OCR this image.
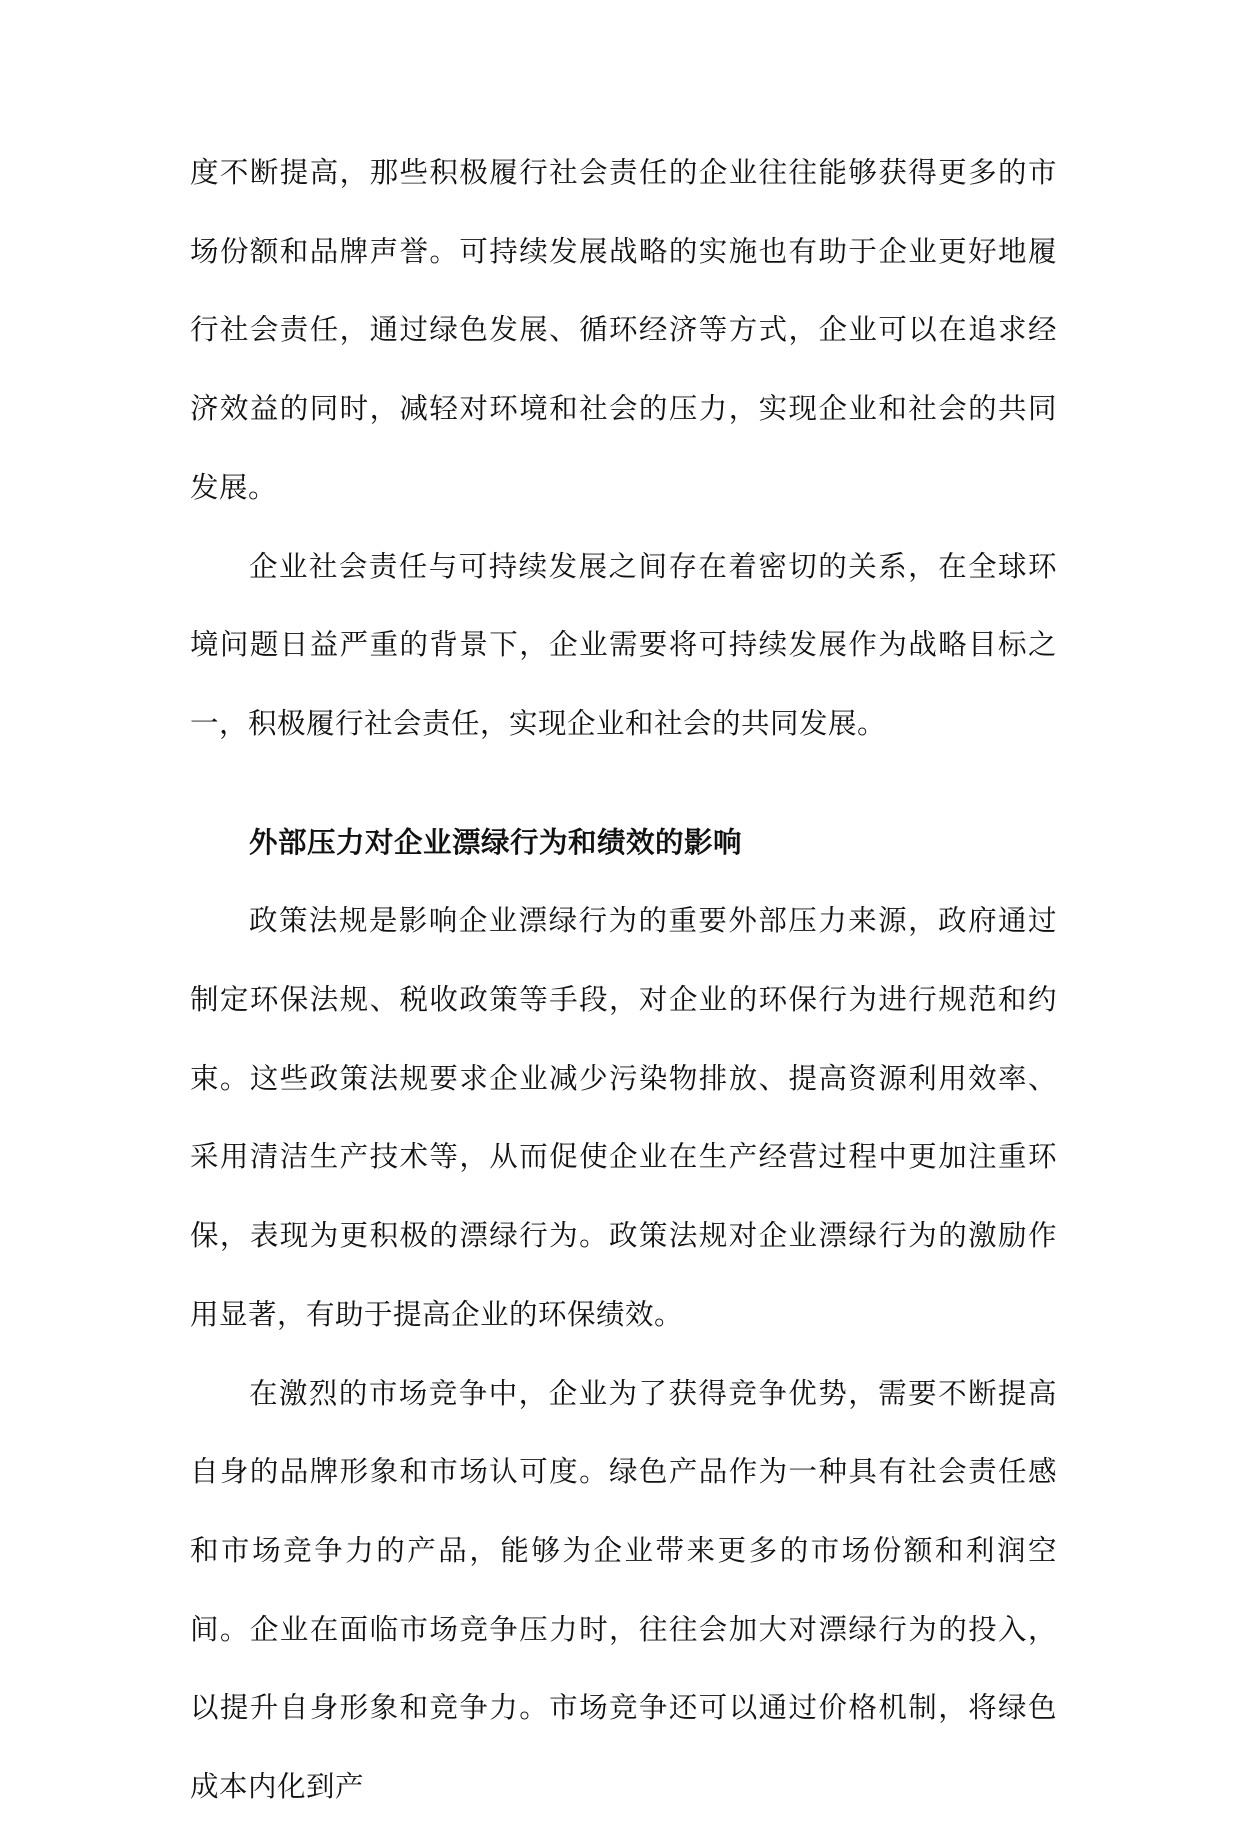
度不断提高，那些积极履行社会责任的企业往往能够获得更多的市场份额和品牌声誉。可持续发展战略的实施也有助于企业更好地履行社会责任，通过绿色发展、循环经济等方式，企业可以在追求经济效益的同时，减轻对环境和社会的压力，实现企业和社会的共同发展。

企业社会责任与可持续发展之间存在着密切的关系，在全球环境问题日益严重的背景下，企业需要将可持续发展作为战略目标之一，积极履行社会责任，实现企业和社会的共同发展。

外部压力对企业漂绿行为和绩效的影响

政策法规是影响企业漂绿行为的重要外部压力来源，政府通过制定环保法规、税收政策等手段，对企业的环保行为进行规范和约束。这些政策法规要求企业减少污染物排放、提高资源利用效率、采用清洁生产技术等，从而促使企业在生产经营过程中更加注重环保，表现为更积极的漂绿行为。政策法规对企业漂绿行为的激励作用显著，有助于提高企业的环保绩效。

在激烈的市场竞争中，企业为了获得竞争优势，需要不断提高自身的品牌形象和市场认可度。绿色产品作为一种具有社会责任感和市场竞争力的产品，能够为企业带来更多的市场份额和利润空间。企业在面临市场竞争压力时，往往会加大对漂绿行为的投入，以提升自身形象和竞争力。市场竞争还可以通过价格机制，将绿色成本内化到产
